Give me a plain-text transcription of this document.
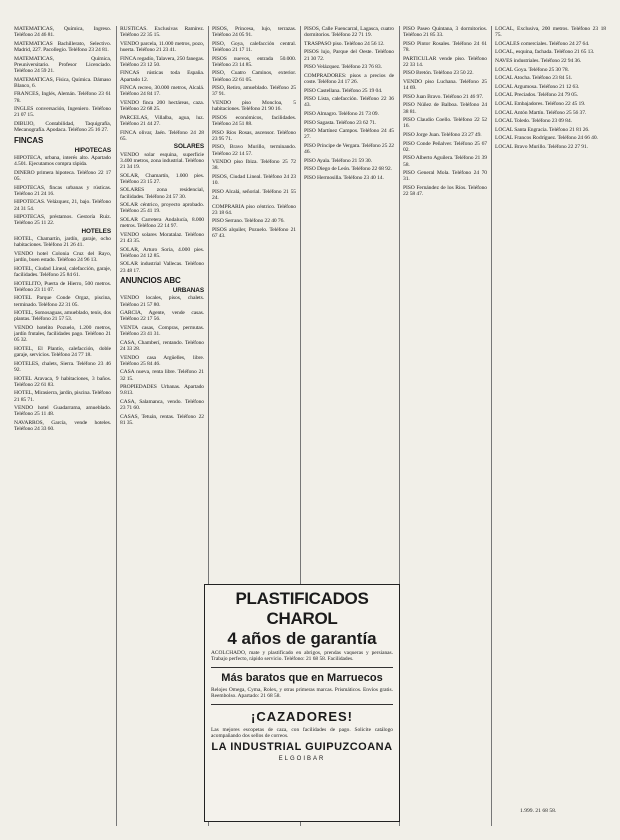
MATEMATICAS, Química, Ingreso. Teléfono 24 46 81.

MATEMATICAS Bachillerato, Selectivo. Madrid, 227. Pacollegio. Teléfono 23 24 81.

MATEMATICAS, Química, Preuniversitario. Profesor Licenciado. Teléfono 24 59 21.

MATEMATICAS, Física, Química. Dámaso Blanco, 6.

FRANCES, Inglés, Alemán. Teléfono 23 61 78.

INGLES conversación, Ingeniero. Teléfono 21 07 15.

DIBUJO, Contabilidad, Taquigrafía, Mecanografía. Apodaca. Teléfono 25 16 27.

FINCAS
HIPOTECAS

HIPOTECA, urbana, interés alto. Apartado 4.501. Ejecutamos compra rápida.

DINERO primera hipoteca. Teléfono 22 17 05.

HIPOTECAS, fincas urbanas y rústicas. Teléfono 21 24 16.

HIPOTECAS. Velázquez, 21, bajo. Teléfono 24 31 54.

HIPOTECAS, préstamos. Gestoría Ruiz. Teléfono 25 11 22.

HOTELES

HOTEL, Chamartín, jardín, garaje, ocho habitaciones. Teléfono 21 26 41.

VENDO hotel Colonia Cruz del Rayo, jardín, buen estado. Teléfono 24 96 13.

HOTEL, Ciudad Lineal, calefacción, garaje, facilidades. Teléfono 25 84 61.

HOTELITO, Puerta de Hierro, 500 metros. Teléfono 23 11 07.

HOTEL Parque Conde Orgaz, piscina, terminado. Teléfono 22 31 05.

HOTEL, Somosaguas, amueblado, tenis, dos plantas. Teléfono 21 57 53.

VENDO hotelito Pozuelo, 1.200 metros, jardín frutales, facilidades pago. Teléfono 21 05 32.

HOTEL, El Plantío, calefacción, doble garaje, servicios. Teléfono 24 77 18.

HOTELES, chalets, Sierra. Teléfono 23 46 92.

HOTEL Aravaca, 9 habitaciones, 3 baños. Teléfono 22 61 83.

HOTEL, Mirasierra, jardín, piscina. Teléfono 21 85 71.

VENDO hotel Guadarrama, amueblado. Teléfono 25 11 48.

NAVARROS, García, vende hoteles. Teléfono 24 33 60.

RUSTICAS. Exclusivas Ramírez. Teléfono 22 35 15.

VENDO parcela, 11.000 metros, pozo, huerta. Teléfono 21 23 41.

FINCA regadío, Talavera, 250 fanegas. Teléfono 23 12 50.

FINCAS rústicas toda España. Apartado 12.

FINCA recreo, 30.000 metros, Alcalá. Teléfono 24 84 17.

VENDO finca 200 hectáreas, caza. Teléfono 22 68 25.

PARCELAS, Villalba, agua, luz. Teléfono 21 44 27.

FINCA olivar, Jaén. Teléfono 24 28 65.

SOLARES

VENDO solar esquina, superficie 3.400 metros, zona industrial. Teléfono 21 34 19.

SOLAR, Chamartín, 1.000 pies. Teléfono 23 15 27.

SOLARES zona residencial, facilidades. Teléfono 24 57 30.

SOLAR céntrico, proyecto aprobado. Teléfono 25 41 19.

SOLAR Carretera Andalucía, 8.000 metros. Teléfono 22 14 97.

VENDO solares Moratalaz. Teléfono 21 43 35.

SOLAR, Arturo Soria, 4.000 pies. Teléfono 24 12 85.

SOLAR industrial Vallecas. Teléfono 23 48 17.

ANUNCIOS ABC
URBANAS

VENDO locales, pisos, chalets. Teléfono 21 57 80.

GARCIA, Agente, vende casas. Teléfono 22 17 56.

VENTA casas, Compras, permutas. Teléfono 23 41 31.

CASA, Chamberí, rentando. Teléfono 24 33 28.

VENDO casa Argüelles, libre. Teléfono 25 84 46.

CASA nueva, renta libre. Teléfono 21 32 15.

PROPIEDADES Urbanas. Apartado 9.813.

CASA, Salamanca, vendo. Teléfono 23 71 60.

CASAS, Tetuán, rentas. Teléfono 22 81 35.

PISOS, Princesa, lujo, terrazas. Teléfono 24 05 91.

PISO, Goya, calefacción central. Teléfono 21 17 11.

PISOS nuevos, entrada 50.000. Teléfono 23 14 85.

PISO, Cuatro Caminos, exterior. Teléfono 22 61 05.

PISO, Retiro, amueblado. Teléfono 25 37 91.

VENDO piso Moncloa, 5 habitaciones. Teléfono 21 90 16.

PISOS económicos, facilidades. Teléfono 24 51 88.

PISO Ríos Rosas, ascensor. Teléfono 23 95 71.

PISO, Bravo Murillo, terminando. Teléfono 22 14 57.

VENDO piso Ibiza. Teléfono 25 72 38.

PISOS, Ciudad Lineal. Teléfono 24 23 10.

PISO Alcalá, señorial. Teléfono 21 55 24.

COMPRARIA piso céntrico. Teléfono 23 18 64.

PISO Serrano. Teléfono 22 40 76.

PISOS alquiler, Pozuelo. Teléfono 21 67 43.

PISOS, Calle Fuencarral, Lagasca, cuatro dormitorios. Teléfono 22 71 19.

TRASPASO piso. Teléfono 24 56 12.

PISOS lujo, Parque del Oeste. Teléfono 21 30 72.

PISO Velázquez. Teléfono 23 76 83.

COMPRADORES: pisos a precios de coste. Teléfono 24 17 26.

PISO Castellana. Teléfono 25 19 04.

PISO Lista, calefacción. Teléfono 22 36 43.

PISO Almagro. Teléfono 21 73 09.

PISO Sagasta. Teléfono 23 62 71.

PISO Martínez Campos. Teléfono 24 45 27.

PISO Príncipe de Vergara. Teléfono 25 22 46.

PISO Ayala. Teléfono 21 59 30.

PISO Diego de León. Teléfono 22 68 92.

PISO Hermosilla. Teléfono 23 40 14.

PISO Paseo Quintana, 3 dormitorios. Teléfono 21 85 33.

PISO Pintor Rosales. Teléfono 24 61 78.

PARTICULAR vende piso. Teléfono 22 33 14.

PISO Bretón. Teléfono 23 50 22.

VENDO piso Luchana. Teléfono 25 14 69.

PISO Juan Bravo. Teléfono 21 46 97.

PISO Núñez de Balboa. Teléfono 24 38 81.

PISO Claudio Coello. Teléfono 22 52 16.

PISO Jorge Juan. Teléfono 23 27 49.

PISO Conde Peñalver. Teléfono 25 67 02.

PISO Alberto Aguilera. Teléfono 21 39 58.

PISO General Mola. Teléfono 24 70 31.

PISO Fernández de los Ríos. Teléfono 22 58 47.

LOCAL, Exclusiva, 200 metros. Teléfono 23 18 75.

LOCALES comerciales. Teléfono 24 27 64.

LOCAL, esquina, fachada. Teléfono 21 65 13.

NAVES industriales. Teléfono 22 94 36.

LOCAL Goya. Teléfono 25 30 78.

LOCAL Atocha. Teléfono 23 84 51.

LOCAL Argumosa. Teléfono 21 12 63.

LOCAL Preciados. Teléfono 24 79 05.

LOCAL Embajadores. Teléfono 22 45 19.

LOCAL Antón Martín. Teléfono 25 56 37.

LOCAL Toledo. Teléfono 23 09 84.

LOCAL Santa Engracia. Teléfono 21 81 26.

LOCAL Francos Rodríguez. Teléfono 24 66 40.

LOCAL Bravo Murillo. Teléfono 22 27 91.

PLASTIFICADOS CHAROL
4 años de garantía
ACOLCHADO, mate y plastificado en abrigos, prendas vaqueras y persianas. Trabajo perfecto, rápido servicio. Teléfono: 21 68 58. Facilidades.
Más baratos que en Marruecos
Relojes Omega, Cyma, Rolex, y otras primeras marcas. Prismáticos. Envíos gratis. Reembolso. Apartado: 21 68 58.
¡CAZADORES!
Las mejores escopetas de caza, con facilidades de pago. Solicite catálogo acompañando dos sellos de correos.
LA INDUSTRIAL GUIPUZCOANA
ELGOIBAR
1.999. 21 68 58.
